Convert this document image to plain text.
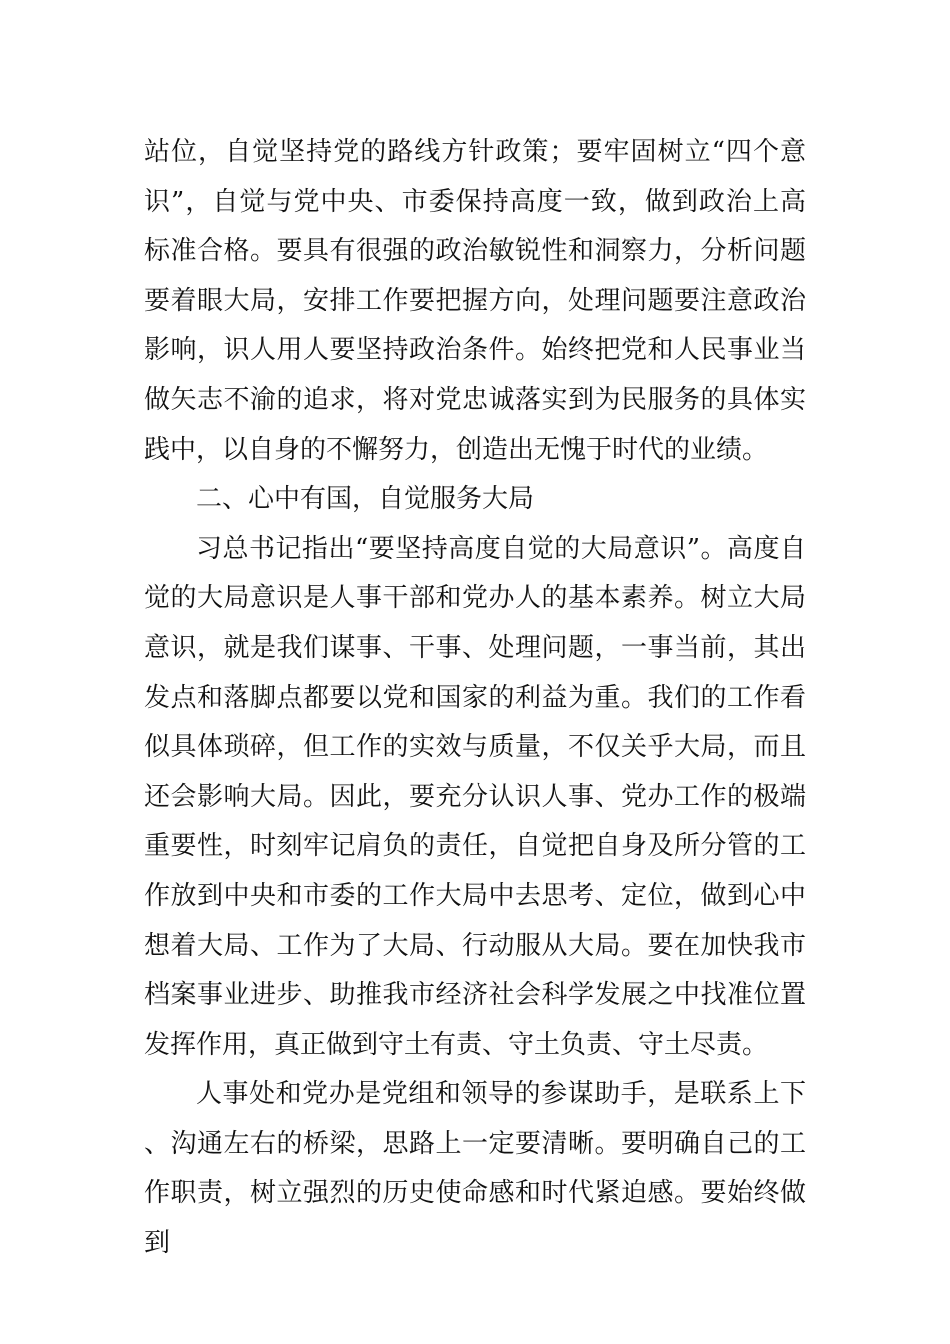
站位，自觉坚持党的路线方针政策；要牢固树立“四个意识”，自觉与党中央、市委保持高度一致，做到政治上高标准合格。要具有很强的政治敏锐性和洞察力，分析问题要着眼大局，安排工作要把握方向，处理问题要注意政治影响，识人用人要坚持政治条件。始终把党和人民事业当做矢志不渝的追求，将对党忠诚落实到为民服务的具体实践中，以自身的不懈努力，创造出无愧于时代的业绩。

二、心中有国，自觉服务大局

习总书记指出“要坚持高度自觉的大局意识”。高度自觉的大局意识是人事干部和党办人的基本素养。树立大局意识，就是我们谋事、干事、处理问题，一事当前，其出发点和落脚点都要以党和国家的利益为重。我们的工作看似具体琐碎，但工作的实效与质量，不仅关乎大局，而且还会影响大局。因此，要充分认识人事、党办工作的极端重要性，时刻牢记肩负的责任，自觉把自身及所分管的工作放到中央和市委的工作大局中去思考、定位，做到心中想着大局、工作为了大局、行动服从大局。要在加快我市档案事业进步、助推我市经济社会科学发展之中找准位置发挥作用，真正做到守土有责、守土负责、守土尽责。

人事处和党办是党组和领导的参谋助手，是联系上下、沟通左右的桥梁，思路上一定要清晰。要明确自己的工作职责，树立强烈的历史使命感和时代紧迫感。要始终做到
